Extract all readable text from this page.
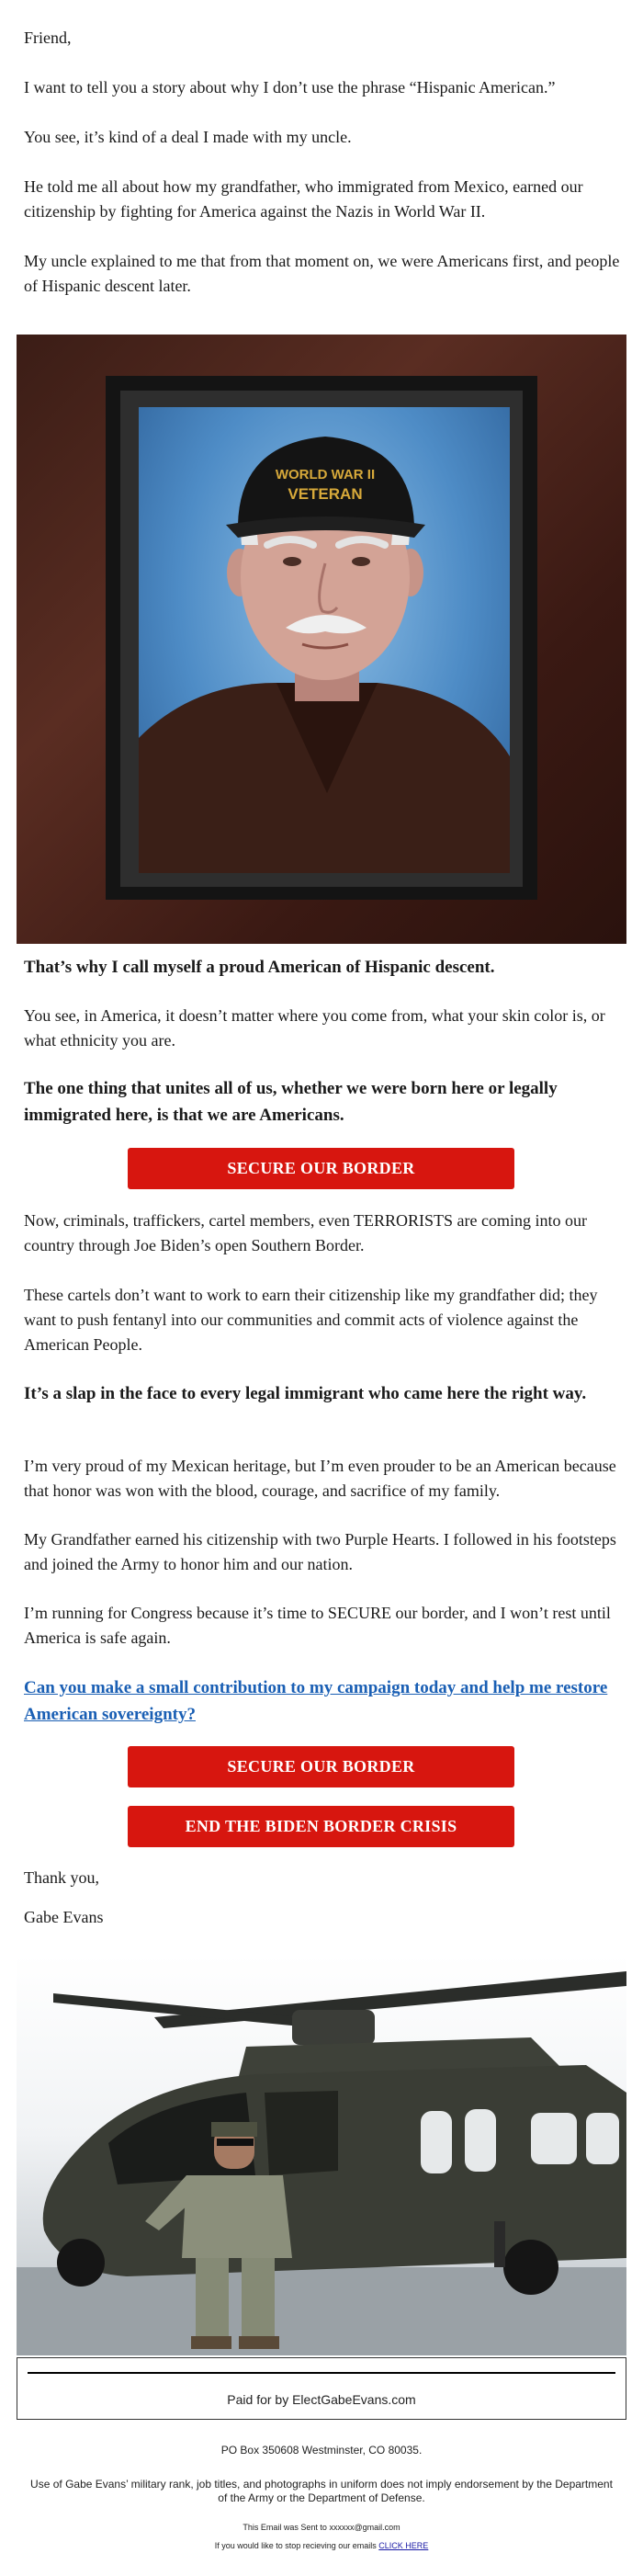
Friend,

I want to tell you a story about why I don’t use the phrase “Hispanic American.”

You see, it’s kind of a deal I made with my uncle.

He told me all about how my grandfather, who immigrated from Mexico, earned our citizenship by fighting for America against the Nazis in World War II.

My uncle explained to me that from that moment on, we were Americans first, and people of Hispanic descent later.

WORLD WAR II
VETERAN

That’s why I call myself a proud American of Hispanic descent.

You see, in America, it doesn’t matter where you come from, what your skin color is, or what ethnicity you are.

The one thing that unites all of us, whether we were born here or legally immigrated here, is that we are Americans.

SECURE OUR BORDER

Now, criminals, traffickers, cartel members, even TERRORISTS are coming into our country through Joe Biden’s open Southern Border.

These cartels don’t want to work to earn their citizenship like my grandfather did; they want to push fentanyl into our communities and commit acts of violence against the American People.

It’s a slap in the face to every legal immigrant who came here the right way.

I’m very proud of my Mexican heritage, but I’m even prouder to be an American because that honor was won with the blood, courage, and sacrifice of my family.

My Grandfather earned his citizenship with two Purple Hearts. I followed in his footsteps and joined the Army to honor him and our nation.

I’m running for Congress because it’s time to SECURE our border, and I won’t rest until America is safe again.

Can you make a small contribution to my campaign today and help me restore American sovereignty?
SECURE OUR BORDER
END THE BIDEN BORDER CRISIS

Thank you,

Gabe Evans

Paid for by ElectGabeEvans.com
PO Box 350608 Westminster, CO 80035.
Use of Gabe Evans’ military rank, job titles, and photographs in uniform does not imply endorsement by the Department of the Army or the Department of Defense.
This Email was Sent to xxxxxx@gmail.com
If you would like to stop recieving our emails CLICK HERE
